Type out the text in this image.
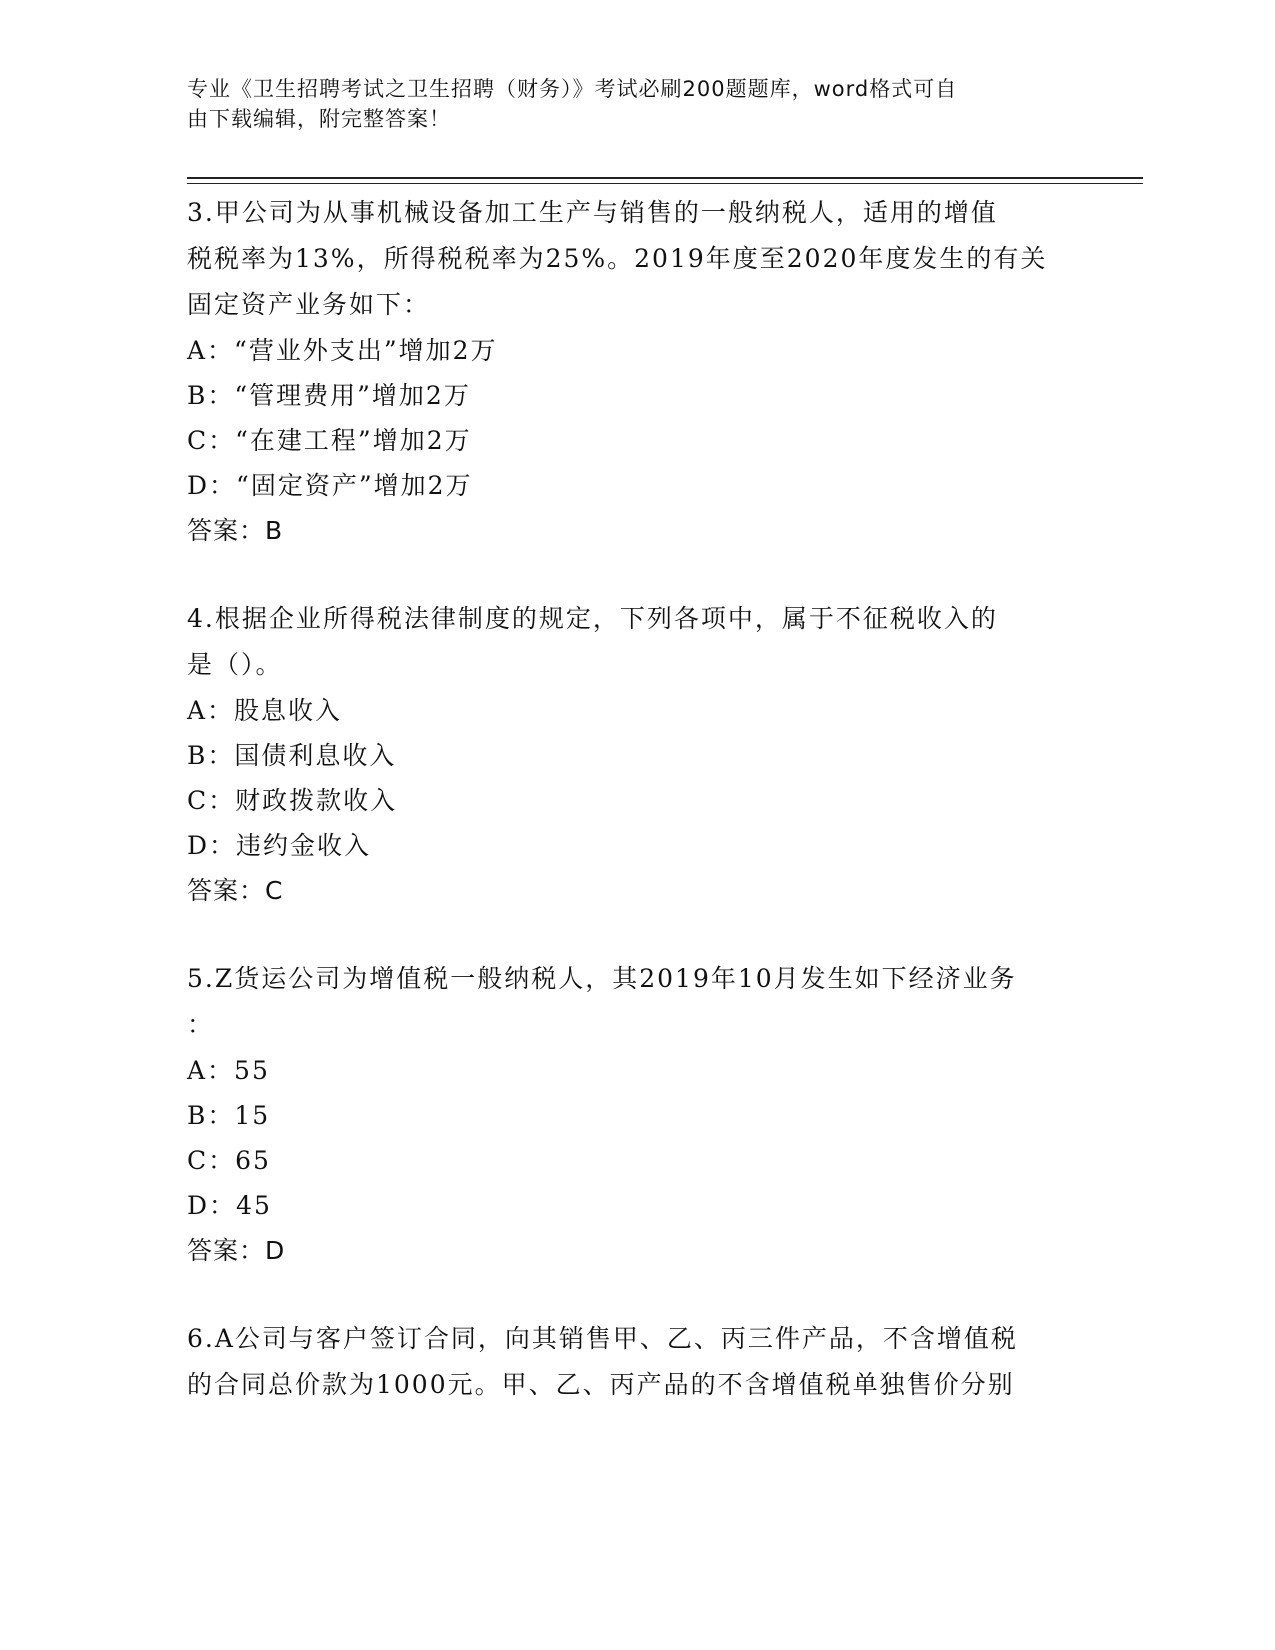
专业《卫生招聘考试之卫生招聘（财务）》考试必刷200题题库，word格式可自
由下载编辑，附完整答案！

3.甲公司为从事机械设备加工生产与销售的一般纳税人，适用的增值

税税率为13%，所得税税率为25%。2019年度至2020年度发生的有关

固定资产业务如下：

A：“营业外支出”增加2万

B：“管理费用”增加2万

C：“在建工程”增加2万

D：“固定资产”增加2万

答案：B

4.根据企业所得税法律制度的规定，下列各项中，属于不征税收入的

是（）。

A：股息收入

B：国债利息收入

C：财政拨款收入

D：违约金收入

答案：C

5.Z货运公司为增值税一般纳税人，其2019年10月发生如下经济业务

：

A：55

B：15

C：65

D：45

答案：D

6.A公司与客户签订合同，向其销售甲、乙、丙三件产品，不含增值税

的合同总价款为1000元。甲、乙、丙产品的不含增值税单独售价分别
